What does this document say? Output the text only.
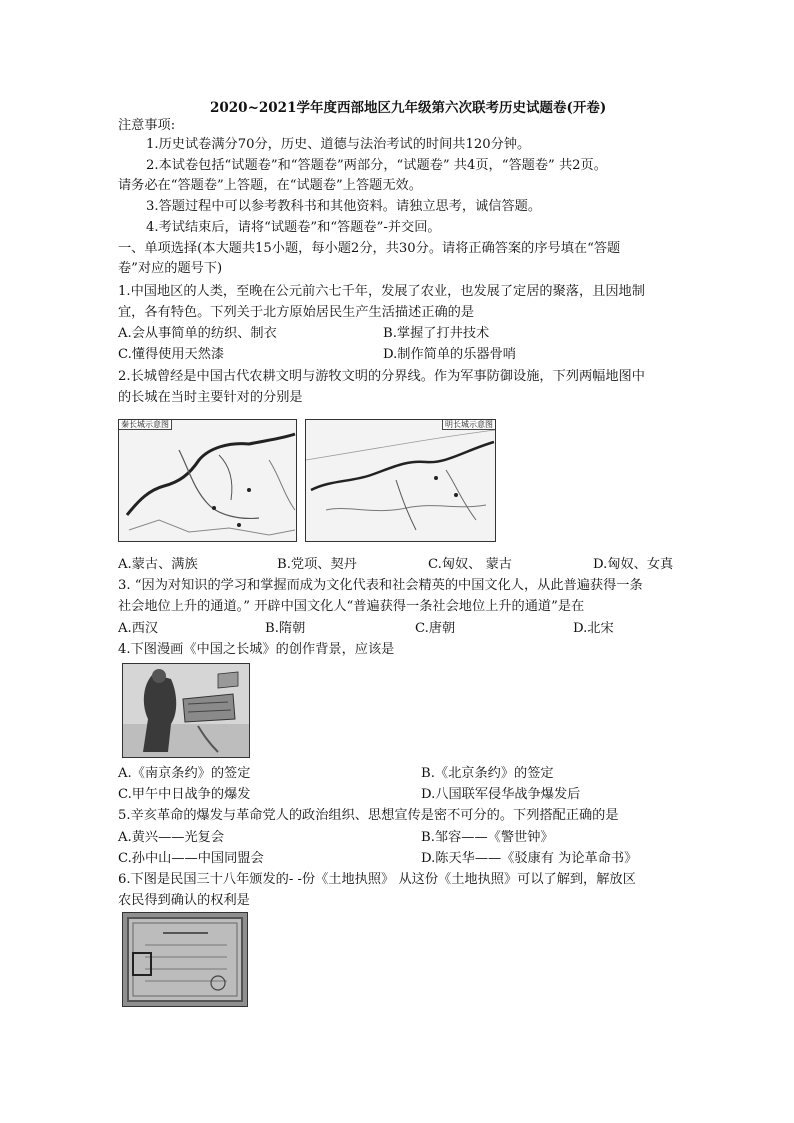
2020~2021学年度西部地区九年级第六次联考历史试题卷(开卷)
注意事项:
1.历史试卷满分70分，历史、道德与法治考试的时间共120分钟。
2.本试卷包括“试题卷”和“答题卷”两部分，“试题卷” 共4页，“答题卷” 共2页。
请务必在“答题卷”上答题，在“试题卷”上答题无效。
3.答题过程中可以参考教科书和其他资料。请独立思考，诚信答题。
4.考试结束后，请将“试题卷”和“答题卷”-并交回。
一、单项选择(本大题共15小题，每小题2分，共30分。请将正确答案的序号填在“答题
卷”对应的题号下)
1.中国地区的人类，至晚在公元前六七千年，发展了农业，也发展了定居的聚落，且因地制
宜，各有特色。下列关于北方原始居民生产生活描述正确的是
A.会从事简单的纺织、制衣	B.掌握了打井技术
C.懂得使用天然漆	D.制作简单的乐器骨哨
2.长城曾经是中国古代农耕文明与游牧文明的分界线。作为军事防御设施，下列两幅地图中
的长城在当时主要针对的分别是
秦长城示意图	明长城示意图
A.蒙古、满族	B.党项、契丹	C.匈奴、 蒙古	D.匈奴、女真
3. “因为对知识的学习和掌握而成为文化代表和社会精英的中国文化人，从此普遍获得一条
社会地位上升的通道。” 开辟中国文化人“普遍获得一条社会地位上升的通道”是在
A.西汉	B.隋朝	C.唐朝	D.北宋
4.下图漫画《中国之长城》的创作背景，应该是
A.《南京条约》的签定	B.《北京条约》的签定
C.甲午中日战争的爆发	D.八国联军侵华战争爆发后
5.辛亥革命的爆发与革命党人的政治组织、思想宣传是密不可分的。下列搭配正确的是
A.黄兴——光复会	B.邹容——《警世钟》
C.孙中山——中国同盟会	D.陈天华——《驳康有 为论革命书》
6.下图是民国三十八年颁发的- -份《土地执照》 从这份《土地执照》可以了解到，解放区
农民得到确认的权利是
